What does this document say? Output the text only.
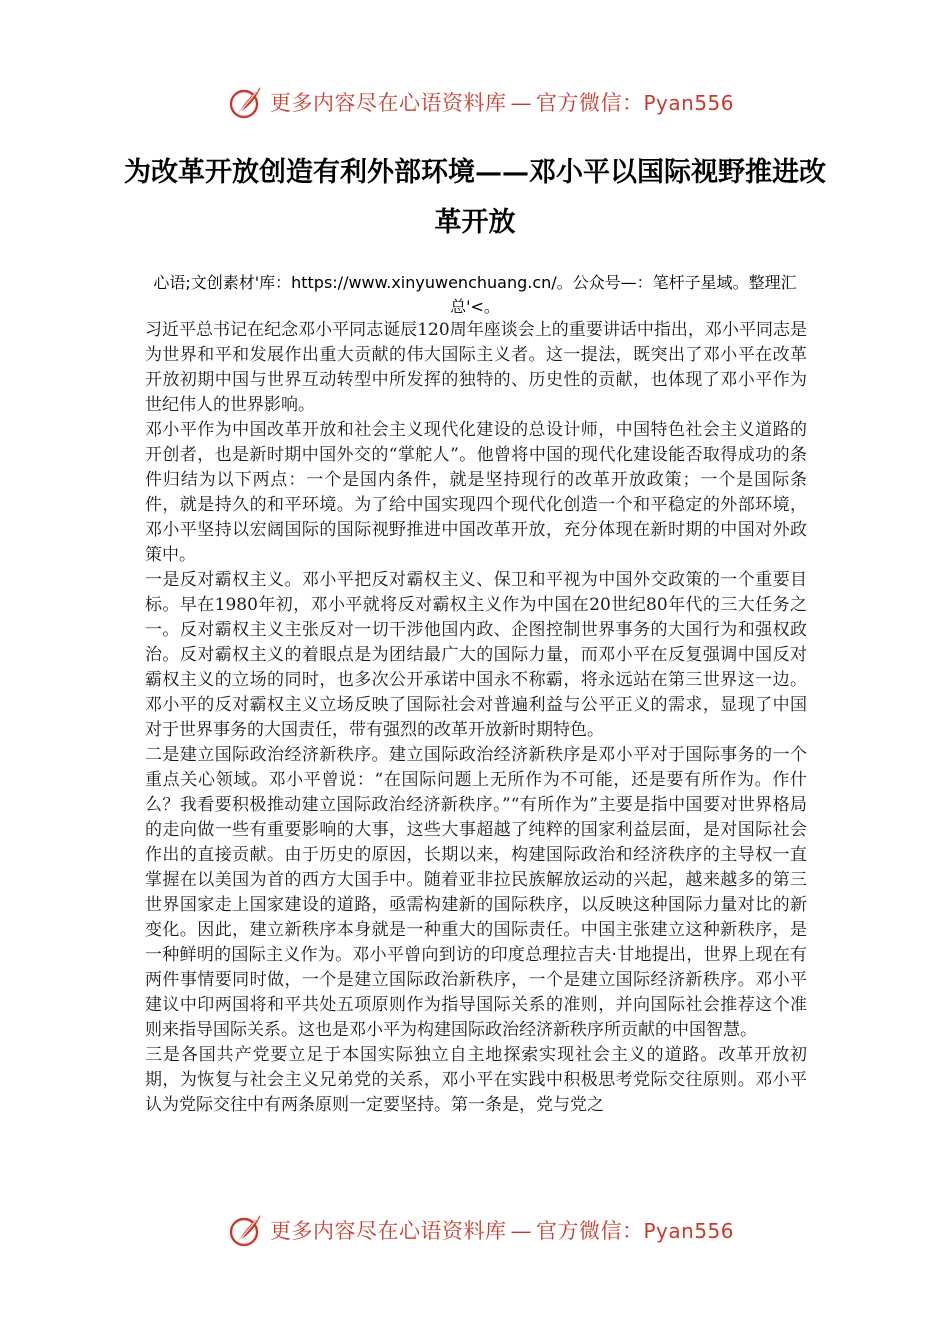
更多内容尽在心语资料库 — 官方微信：Pyan556
为改革开放创造有利外部环境——邓小平以国际视野推进改革开放

心语;文创素材'库：https://www.xinyuwenchuang.cn/。公众号—：笔杆子星域。整理汇总'<。

习近平总书记在纪念邓小平同志诞辰120周年座谈会上的重要讲话中指出，邓小平同志是为世界和平和发展作出重大贡献的伟大国际主义者。这一提法，既突出了邓小平在改革开放初期中国与世界互动转型中所发挥的独特的、历史性的贡献，也体现了邓小平作为世纪伟人的世界影响。

邓小平作为中国改革开放和社会主义现代化建设的总设计师，中国特色社会主义道路的开创者，也是新时期中国外交的“掌舵人”。他曾将中国的现代化建设能否取得成功的条件归结为以下两点：一个是国内条件，就是坚持现行的改革开放政策；一个是国际条件，就是持久的和平环境。为了给中国实现四个现代化创造一个和平稳定的外部环境，邓小平坚持以宏阔国际的国际视野推进中国改革开放，充分体现在新时期的中国对外政策中。

一是反对霸权主义。邓小平把反对霸权主义、保卫和平视为中国外交政策的一个重要目标。早在1980年初，邓小平就将反对霸权主义作为中国在20世纪80年代的三大任务之一。反对霸权主义主张反对一切干涉他国内政、企图控制世界事务的大国行为和强权政治。反对霸权主义的着眼点是为团结最广大的国际力量，而邓小平在反复强调中国反对霸权主义的立场的同时，也多次公开承诺中国永不称霸，将永远站在第三世界这一边。邓小平的反对霸权主义立场反映了国际社会对普遍利益与公平正义的需求，显现了中国对于世界事务的大国责任，带有强烈的改革开放新时期特色。

二是建立国际政治经济新秩序。建立国际政治经济新秩序是邓小平对于国际事务的一个重点关心领域。邓小平曾说：“在国际问题上无所作为不可能，还是要有所作为。作什么？我看要积极推动建立国际政治经济新秩序。”“有所作为”主要是指中国要对世界格局的走向做一些有重要影响的大事，这些大事超越了纯粹的国家利益层面，是对国际社会作出的直接贡献。由于历史的原因，长期以来，构建国际政治和经济秩序的主导权一直掌握在以美国为首的西方大国手中。随着亚非拉民族解放运动的兴起，越来越多的第三世界国家走上国家建设的道路，亟需构建新的国际秩序，以反映这种国际力量对比的新变化。因此，建立新秩序本身就是一种重大的国际责任。中国主张建立这种新秩序，是一种鲜明的国际主义作为。邓小平曾向到访的印度总理拉吉夫·甘地提出，世界上现在有两件事情要同时做，一个是建立国际政治新秩序，一个是建立国际经济新秩序。邓小平建议中印两国将和平共处五项原则作为指导国际关系的准则，并向国际社会推荐这个准则来指导国际关系。这也是邓小平为构建国际政治经济新秩序所贡献的中国智慧。

三是各国共产党要立足于本国实际独立自主地探索实现社会主义的道路。改革开放初期，为恢复与社会主义兄弟党的关系，邓小平在实践中积极思考党际交往原则。邓小平认为党际交往中有两条原则一定要坚持。第一条是，党与党之

更多内容尽在心语资料库 — 官方微信：Pyan556
